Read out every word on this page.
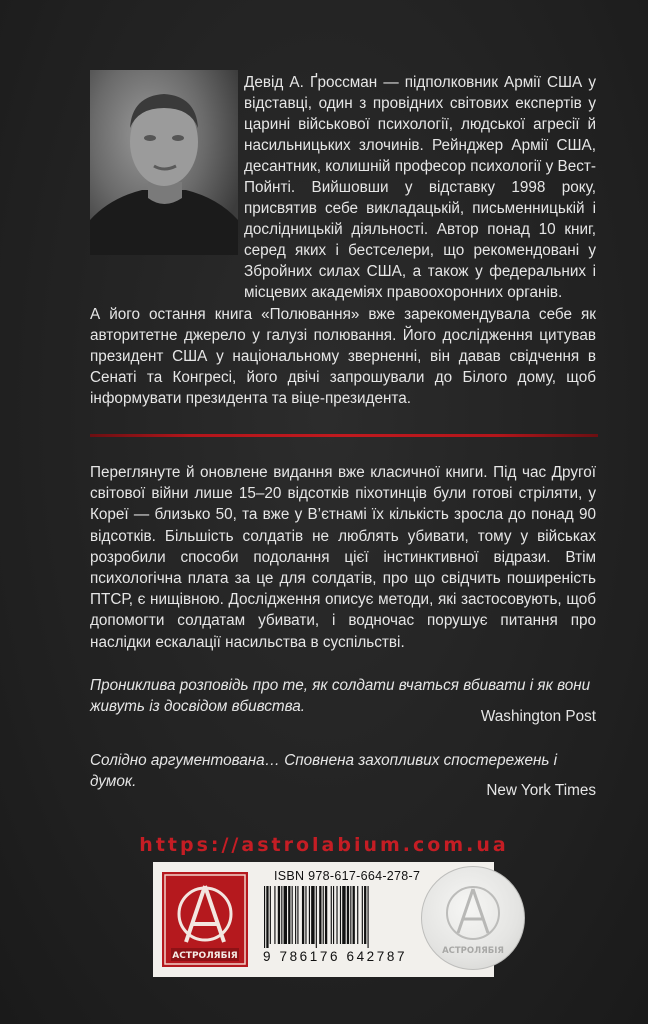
Девід А. Ґроссман — підполковник Армії США у відставці, один з провідних світових експертів у царині військової психології, людської агресії й насильницьких злочинів. Рейнджер Армії США, десантник, колишній професор психології у Вест-Пойнті. Вийшовши у відставку 1998 року, присвятив себе викладацькій, письменницькій і дослідницькій діяльності. Автор понад 10 книг, серед яких і бестселери, що рекомендовані у Збройних силах США, а також у федеральних і місцевих академіях правоохоронних органів.
А його остання книга «Полювання» вже зарекомендувала себе як авторитетне джерело у галузі полювання. Його дослідження цитував президент США у національному зверненні, він давав свідчення в Сенаті та Конгресі, його двічі запрошували до Білого дому, щоб інформувати президента та віце-президента.
Переглянуте й оновлене видання вже класичної книги. Під час Другої світової війни лише 15–20 відсотків піхотинців були готові стріляти, у Кореї — близько 50, та вже у В’єтнамі їх кількість зросла до понад 90 відсотків. Більшість солдатів не люблять убивати, тому у військах розробили способи подолання цієї інстинктивної відрази. Втім психологічна плата за це для солдатів, про що свідчить поширеність ПТСР, є нищівною. Дослідження описує методи, які застосовують, щоб допомогти солдатам убивати, і водночас порушує питання про наслідки ескалації насильства в суспільстві.
Прониклива розповідь про те, як солдати вчаться вбивати і як вони живуть із досвідом вбивства.
Washington Post
Солідно аргументована… Сповнена захопливих спостережень і думок.
New York Times
https://astrolabium.com.ua
АСТРОЛЯБІЯ
ISBN 978-617-664-278-7
9 786176 642787	АСТРОЛЯБІЯ
